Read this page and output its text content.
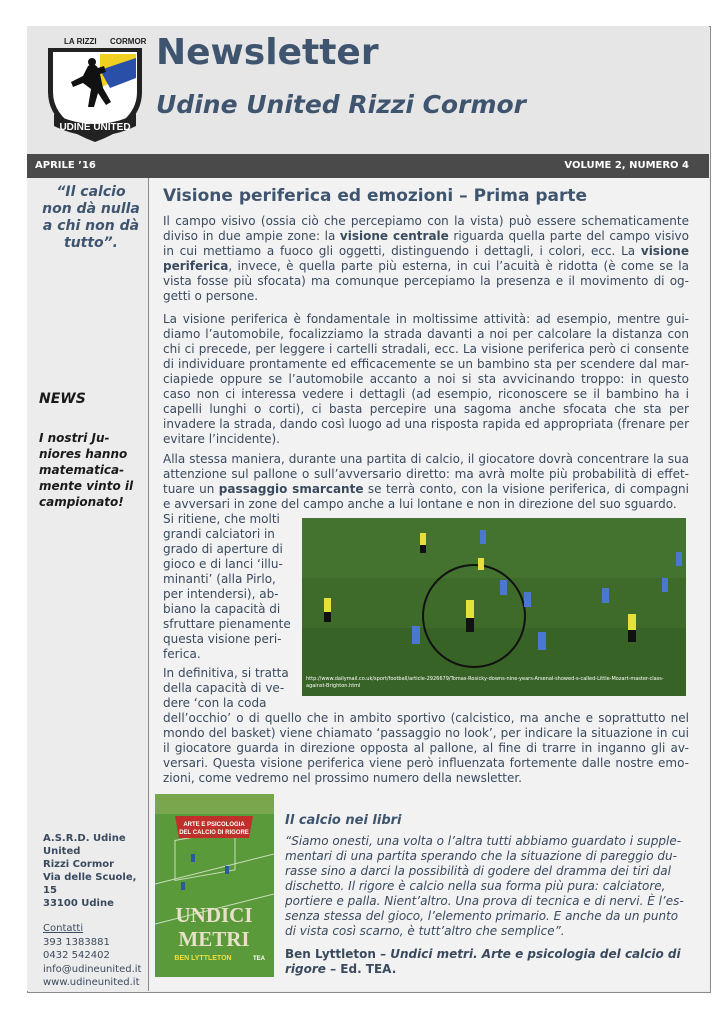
UDINE UNITED
LA RIZZI CORMOR Newsletter
Udine United Rizzi Cormor
APRILE ’16	VOLUME 2, NUMERO 4
“Il calcio
non dà nulla
a chi non dà
tutto”.
NEWS
I nostri Ju-
niores hanno
matematica-
mente vinto il
campionato!
A.S.R.D. Udine
United
Rizzi Cormor
Via delle Scuole,
15
33100 Udine
Contatti
393 1383881
0432 542402
info@udineunited.it
www.udineunited.it
Visione periferica ed emozioni – Prima parte
Il campo visivo (ossia ciò che percepiamo con la vista) può essere schematicamente diviso in due ampie zone: la visione centrale riguarda quella parte del campo visivo in cui mettiamo a fuoco gli oggetti, distinguendo i dettagli, i colori, ecc. La visione periferica, invece, è quella parte più esterna, in cui l’acuità è ridotta (è come se la vista fosse più sfocata) ma comunque percepiamo la presenza e il movimento di og-getti o persone.
La visione periferica è fondamentale in moltissime attività: ad esempio, mentre gui-diamo l’automobile, focalizziamo la strada davanti a noi per calcolare la distanza con chi ci precede, per leggere i cartelli stradali, ecc. La visione periferica però ci consente di individuare prontamente ed efficacemente se un bambino sta per scendere dal mar-ciapiede oppure se l’automobile accanto a noi si sta avvicinando troppo: in questo caso non ci interessa vedere i dettagli (ad esempio, riconoscere se il bambino ha i capelli lunghi o corti), ci basta percepire una sagoma anche sfocata che sta per invadere la strada, dando così luogo ad una risposta rapida ed appropriata (frenare per evitare l’incidente).
Alla stessa maniera, durante una partita di calcio, il giocatore dovrà concentrare la sua attenzione sul pallone o sull’avversario diretto: ma avrà molte più probabilità di effet-tuare un passaggio smarcante se terrà conto, con la visione periferica, di compagni e avversari in zone del campo anche a lui lontane e non in direzione del suo sguardo.
Si ritiene, che molti
grandi calciatori in
grado di aperture di
gioco e di lanci ‘illu-
minanti’ (alla Pirlo,
per intendersi), ab-
biano la capacità di
sfruttare pienamente
questa visione peri-
ferica.
In definitiva, si tratta
della capacità di ve-
dere ‘con la coda
dell’occhio’ o di quello che in ambito sportivo (calcistico, ma anche e soprattutto nel mondo del basket) viene chiamato ‘passaggio no look’, per indicare la situazione in cui il giocatore guarda in direzione opposta al pallone, al fine di trarre in inganno gli av-versari. Questa visione periferica viene però influenzata fortemente dalle nostre emo-zioni, come vedremo nel prossimo numero della newsletter.
http://www.dailymail.co.uk/sport/football/article-2926679/Tomas-Rosicky-downs-nine-years-Arsenal-showed-s-called-Little-Mozart-master-class-against-Brighton.html
ARTE E PSICOLOGIA
DEL CALCIO DI RIGORE
UNDICI
METRI
BEN LYTTLETON	TEA
Il calcio nei libri
“Siamo onesti, una volta o l’altra tutti abbiamo guardato i supple-mentari di una partita sperando che la situazione di pareggio du-rasse sino a darci la possibilità di godere del dramma dei tiri dal dischetto. Il rigore è calcio nella sua forma più pura: calciatore, portiere e palla. Nient’altro. Una prova di tecnica e di nervi. È l’es-senza stessa del gioco, l’elemento primario. E anche da un punto di vista così scarno, è tutt’altro che semplice”.
Ben Lyttleton – Undici metri. Arte e psicologia del calcio di rigore – Ed. TEA.
